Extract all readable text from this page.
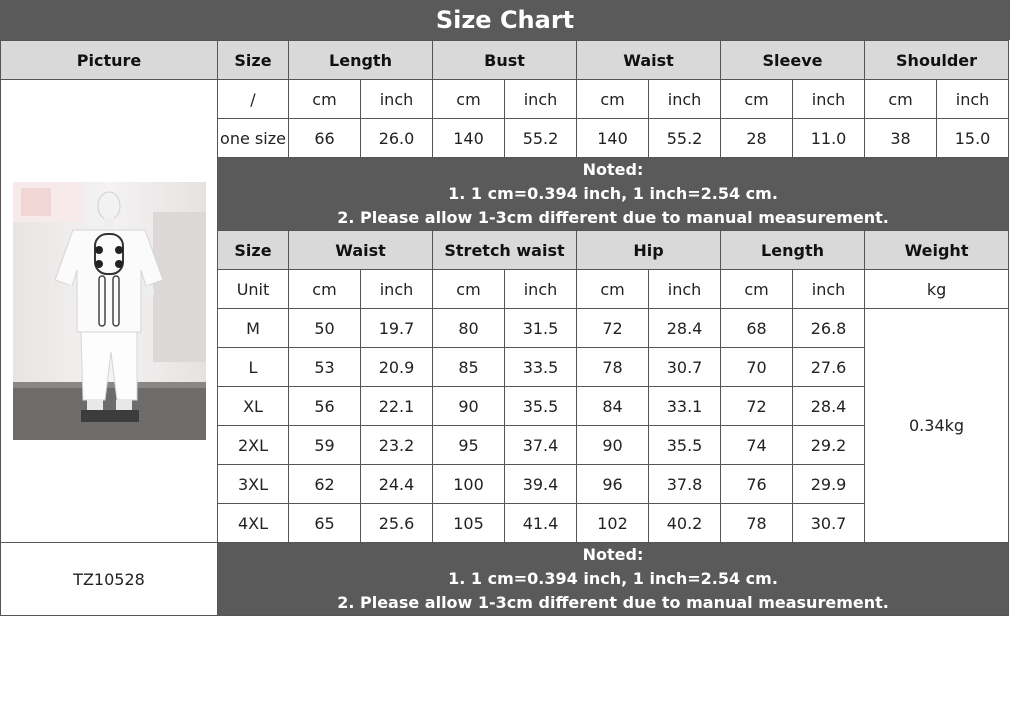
Size Chart
Picture	Size	Length		Bust		Waist		Sleeve		Shoulder	

	/	cm	inch	cm	inch	cm	inch	cm	inch	cm	inch
	one size	66	26.0	140	55.2	140	55.2	28	11.0	38	15.0

	Noted:
1. 1 cm=0.394 inch, 1 inch=2.54 cm.
2. Please allow 1-3cm different due to manual measurement.										

	Size	Waist		Stretch waist		Hip		Length		Weight	
	Unit	cm	inch	cm	inch	cm	inch	cm	inch	kg	
	M	50	19.7	80	31.5	72	28.4	68	26.8	0.34kg	
	L	53	20.9	85	33.5	78	30.7	70	27.6		
	XL	56	22.1	90	35.5	84	33.1	72	28.4		
	2XL	59	23.2	95	37.4	90	35.5	74	29.2		
	3XL	62	24.4	100	39.4	96	37.8	76	29.9		
	4XL	65	25.6	105	41.4	102	40.2	78	30.7		

	Noted:
1. 1 cm=0.394 inch, 1 inch=2.54 cm.
2. Please allow 1-3cm different due to manual measurement.										

TZ10528											
